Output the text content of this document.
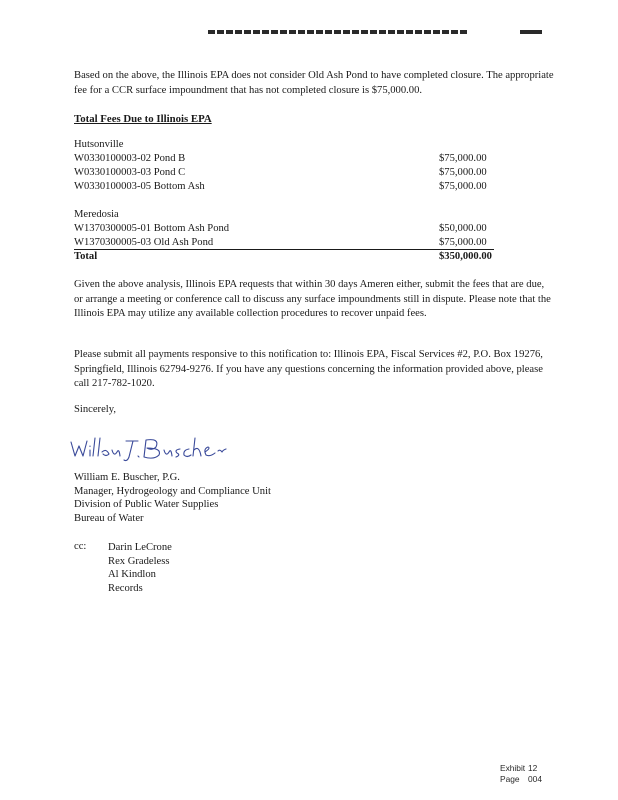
Based on the above, the Illinois EPA does not consider Old Ash Pond to have completed closure. The appropriate fee for a CCR surface impoundment that has not completed closure is $75,000.00.

Total Fees Due to Illinois EPA

Hutsonville
W0330100003-02 Pond B	$75,000.00
W0330100003-03 Pond C	$75,000.00
W0330100003-05 Bottom Ash	$75,000.00
Meredosia
W1370300005-01 Bottom Ash Pond	$50,000.00
W1370300005-03 Old Ash Pond	$75,000.00
Total	$350,000.00

Given the above analysis, Illinois EPA requests that within 30 days Ameren either, submit the fees that are due, or arrange a meeting or conference call to discuss any surface impoundments still in dispute. Please note that the Illinois EPA may utilize any available collection procedures to recover unpaid fees.

Please submit all payments responsive to this notification to: Illinois EPA, Fiscal Services #2, P.O. Box 19276, Springfield, Illinois 62794-9276. If you have any questions concerning the information provided above, please call 217-782-1020.

Sincerely,

William E. Buscher, P.G.
Manager, Hydrogeology and Compliance Unit
Division of Public Water Supplies
Bureau of Water
cc: Darin LeCrone
Rex Gradeless
Al Kindlon
Records
Exhibit 12
Page 004
